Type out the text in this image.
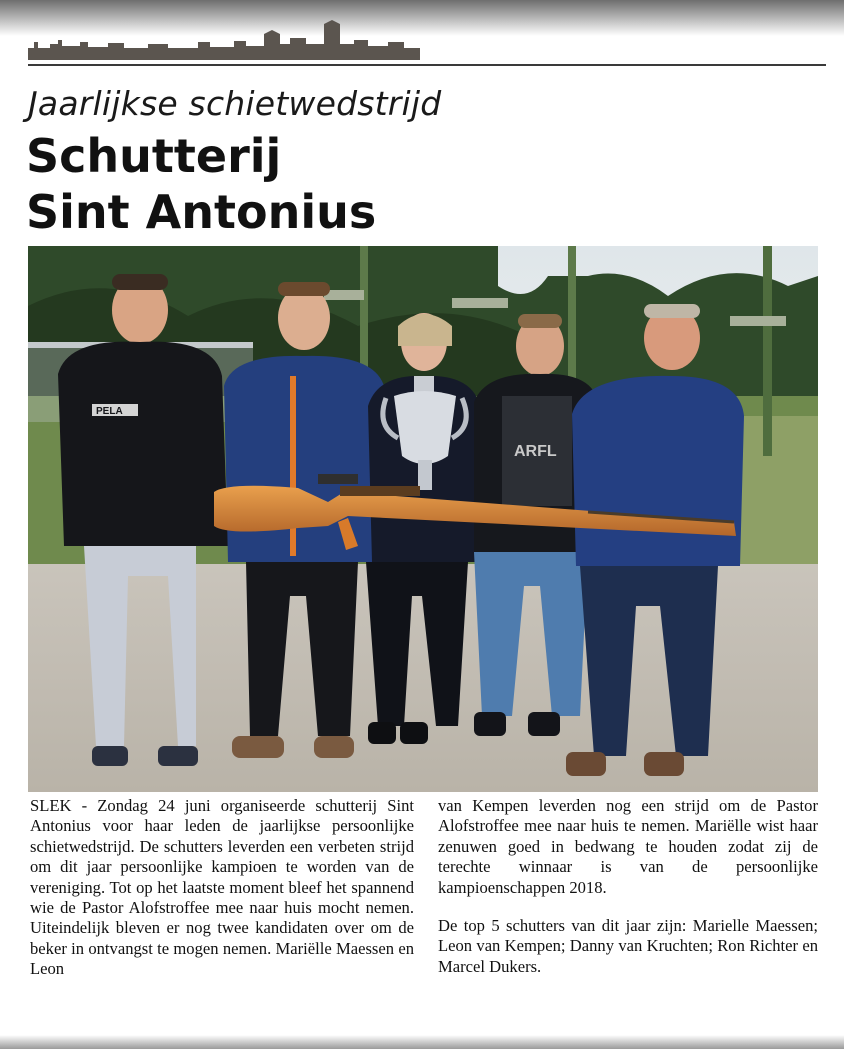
Jaarlijkse schietwedstrijd
Schutterij
Sint Antonius
PELA
ARFL

SLEK - Zondag 24 juni organiseerde schutterij Sint Antonius voor haar leden de jaarlijkse persoonlijke schietwedstrijd. De schutters leverden een verbeten strijd om dit jaar persoonlijke kampioen te worden van de vereniging. Tot op het laatste moment bleef het spannend wie de Pastor Alofstroffee mee naar huis mocht nemen. Uiteindelijk bleven er nog twee kandidaten over om de beker in ontvangst te mogen nemen. Mariëlle Maessen en Leon

van Kempen leverden nog een strijd om de Pastor Alofstroffee mee naar huis te nemen. Mariëlle wist haar zenuwen goed in bedwang te houden zodat zij de terechte winnaar is van de persoonlijke kampioenschappen 2018.

De top 5 schutters van dit jaar zijn: Marielle Maessen; Leon van Kempen; Danny van Kruchten; Ron Richter en Marcel Dukers.
